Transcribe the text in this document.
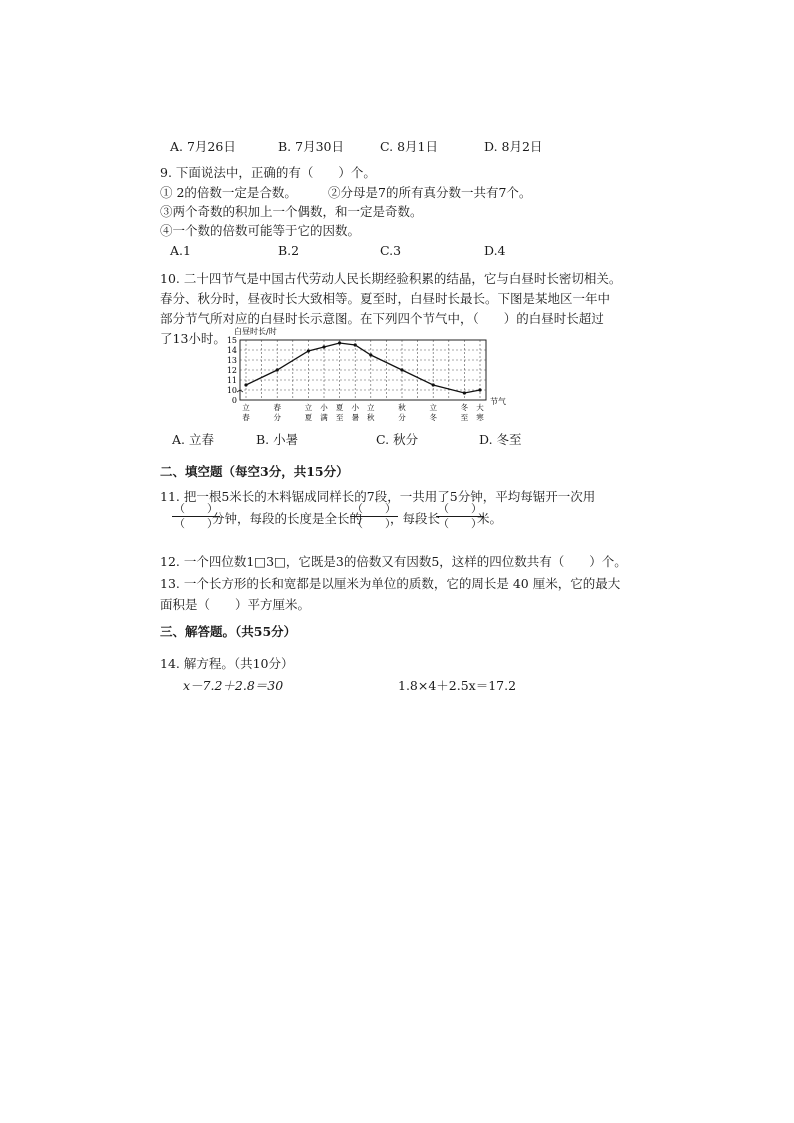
A. 7月26日	B. 7月30日	C. 8月1日	D. 8月2日
9. 下面说法中，正确的有（　　）个。
① 2的倍数一定是合数。 ②分母是7的所有真分数一共有7个。
③两个奇数的积加上一个偶数，和一定是奇数。
④一个数的倍数可能等于它的因数。
A.1	B.2	C.3	D.4
10. 二十四节气是中国古代劳动人民长期经验积累的结晶，它与白昼时长密切相关。
春分、秋分时，昼夜时长大致相等。夏至时，白昼时长最长。下图是某地区一年中
部分节气所对应的白昼时长示意图。在下列四个节气中，（　　）的白昼时长超过
了13小时。 白昼时长/时
0
10
11
12
13
14
15
节气
立春
春分
立夏
小满
夏至
小暑
立秋
秋分
立冬
冬至
大寒
A. 立春	B. 小暑	C. 秋分	D. 冬至
二、填空题（每空3分，共15分）
11. 把一根5米长的木料锯成同样长的7段，一共用了5分钟，平均每锯开一次用
（　　）
（　　）
分钟，每段的长度是全长的
（　　）
（　　）
，每段长
（　　）
（　　）
米。
12. 一个四位数1□3□，它既是3的倍数又有因数5，这样的四位数共有（　　）个。
13. 一个长方形的长和宽都是以厘米为单位的质数，它的周长是 40 厘米，它的最大
面积是（　　）平方厘米。
三、解答题。（共55分）
14. 解方程。（共10分）
x－7.2＋2.8＝30	1.8×4＋2.5x＝17.2
